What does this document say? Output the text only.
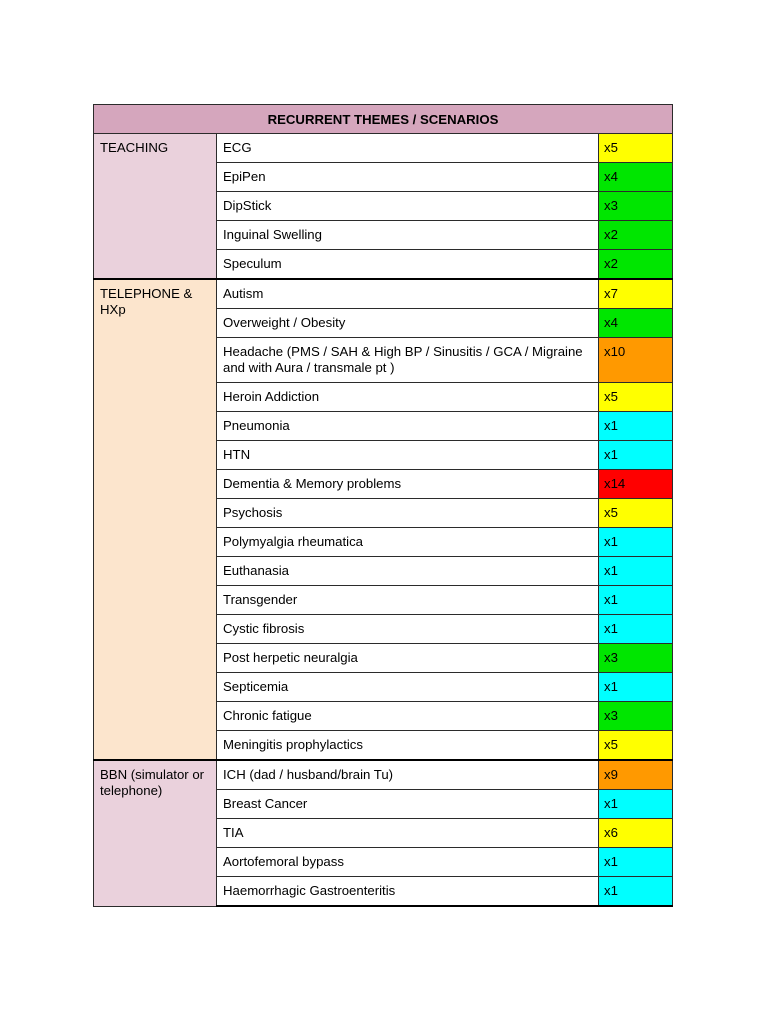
RECURRENT THEMES / SCENARIOS		
TEACHING	ECG	x5
	EpiPen	x4
	DipStick	x3
	Inguinal Swelling	x2
	Speculum	x2
TELEPHONE & HXp	Autism	x7
	Overweight / Obesity	x4
	Headache (PMS / SAH & High BP / Sinusitis / GCA / Migraine and with Aura / transmale pt )	x10
	Heroin Addiction	x5
	Pneumonia	x1
	HTN	x1
	Dementia & Memory problems	x14
	Psychosis	x5
	Polymyalgia rheumatica	x1
	Euthanasia	x1
	Transgender	x1
	Cystic fibrosis	x1
	Post herpetic neuralgia	x3
	Septicemia	x1
	Chronic fatigue	x3
	Meningitis prophylactics	x5
BBN (simulator or telephone)	ICH (dad / husband/brain Tu)	x9
	Breast Cancer	x1
	TIA	x6
	Aortofemoral bypass	x1
	Haemorrhagic Gastroenteritis	x1
